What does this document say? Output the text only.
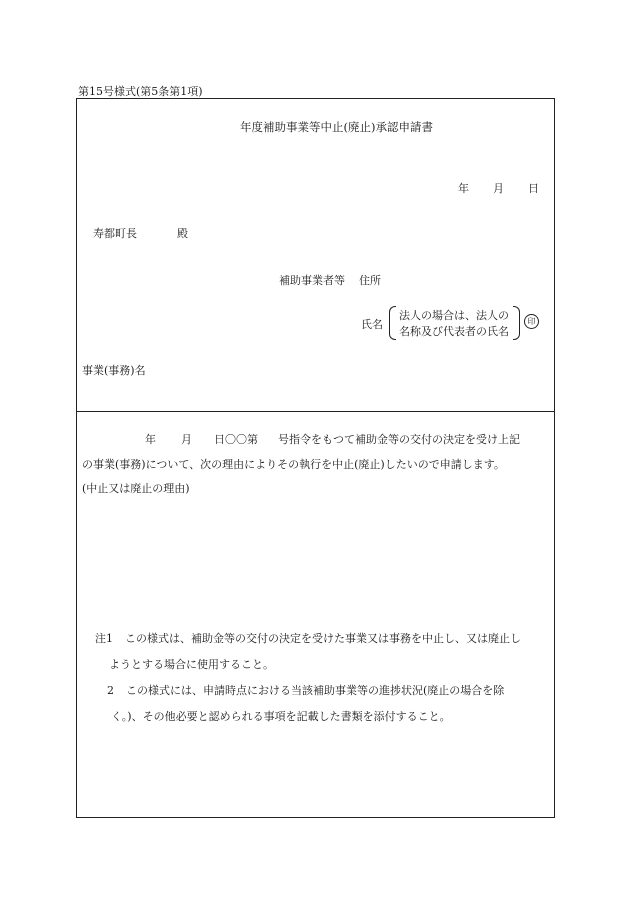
第15号様式(第5条第1項)
年度補助事業等中止(廃止)承認申請書
年 月 日
寿都町長	殿
補助事業者等 住所
氏名
法人の場合は、法人の
名称及び代表者の氏名
印
事業(事務)名
年 月 日〇〇第 号指令をもつて補助金等の交付の決定を受け上記
の事業(事務)について、次の理由によりその執行を中止(廃止)したいので申請します。
(中止又は廃止の理由)
注1 この様式は、補助金等の交付の決定を受けた事業又は事務を中止し、又は廃止し
ようとする場合に使用すること。
2 この様式には、申請時点における当該補助事業等の進捗状況(廃止の場合を除
く。)、その他必要と認められる事項を記載した書類を添付すること。
